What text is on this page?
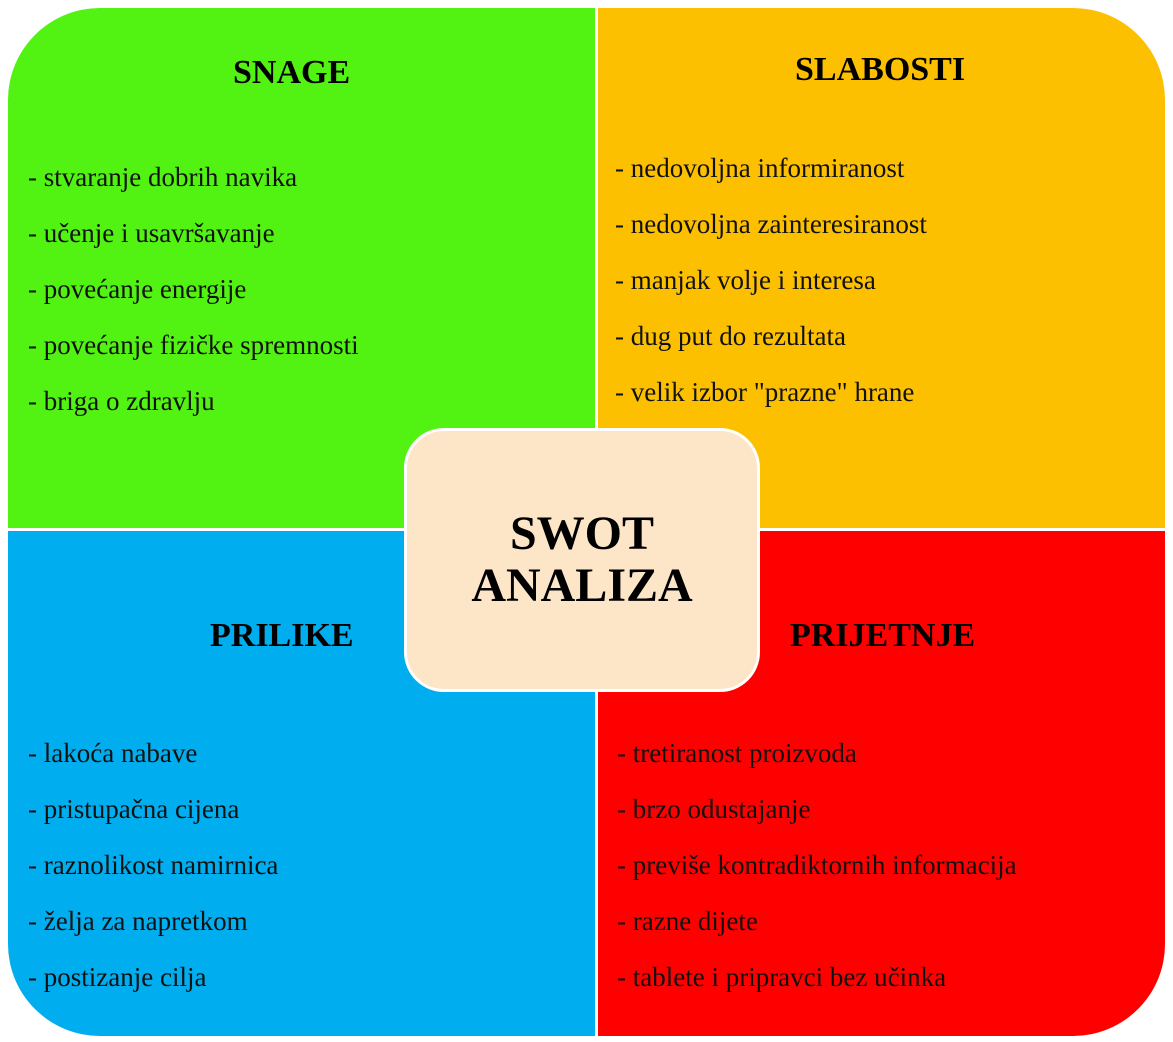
SNAGE
- stvaranje dobrih navika
- učenje i usavršavanje
- povećanje energije
- povećanje fizičke spremnosti
- briga o zdravlju
SLABOSTI
- nedovoljna informiranost
- nedovoljna zainteresiranost
- manjak volje i interesa
- dug put do rezultata
- velik izbor "prazne" hrane
PRILIKE
- lakoća nabave
- pristupačna cijena
- raznolikost namirnica
- želja za napretkom
- postizanje cilja
PRIJETNJE
- tretiranost proizvoda
- brzo odustajanje
- previše kontradiktornih informacija
- razne dijete
- tablete i pripravci bez učinka
SWOT
ANALIZA
